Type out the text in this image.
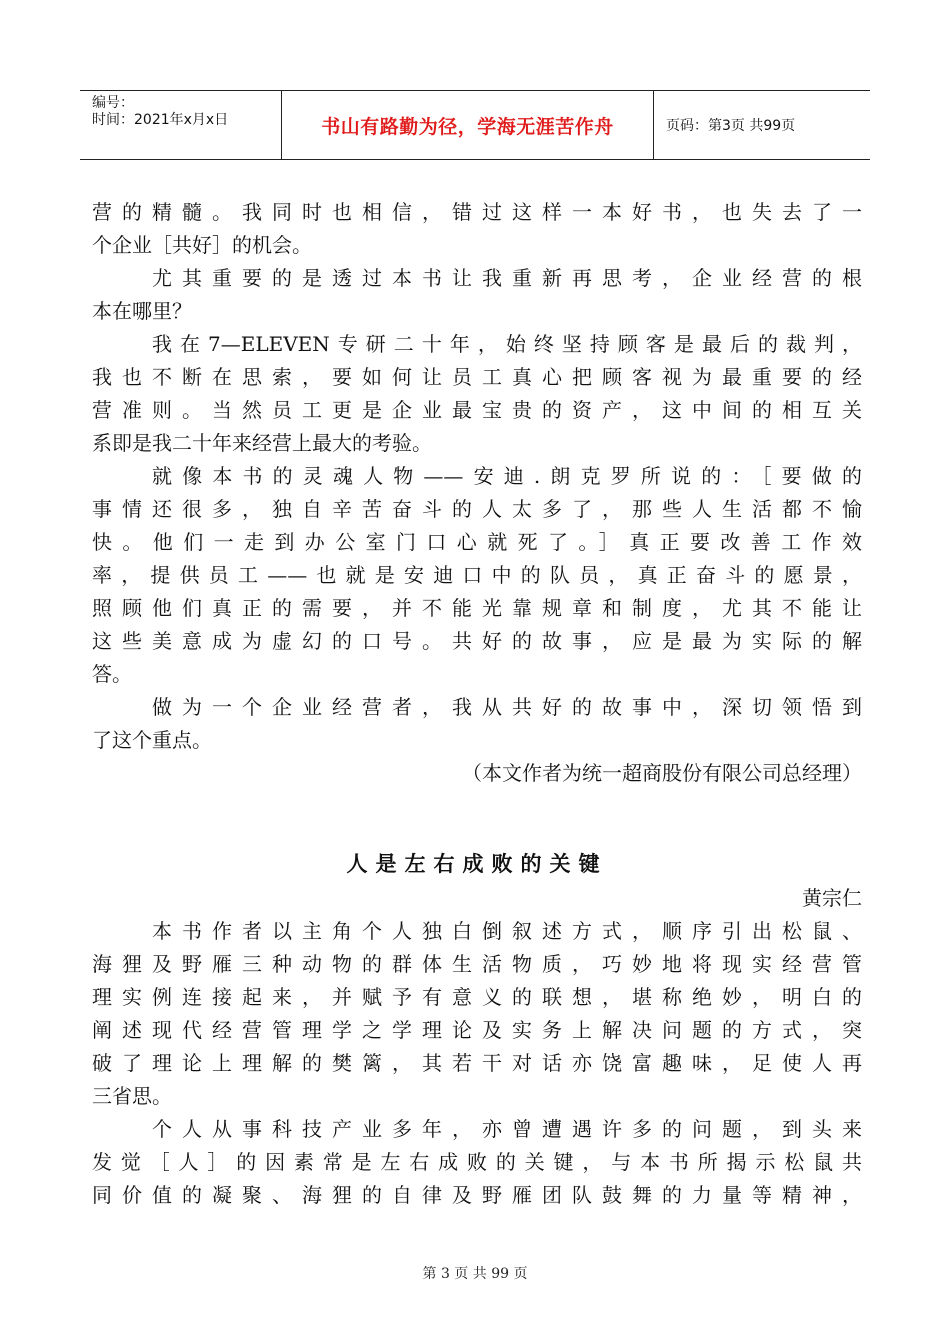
编号：
时间：2021年x月x日	书山有路勤为径，学海无涯苦作舟	页码：第3页 共99页
营的精髓。我同时也相信，错过这样一本好书，也失去了一
个企业［共好］的机会。
尤其重要的是透过本书让我重新再思考，企业经营的根
本在哪里？
我在7—ELEVEN专研二十年，始终坚持顾客是最后的裁判，
我也不断在思索，要如何让员工真心把顾客视为最重要的经
营准则。当然员工更是企业最宝贵的资产，这中间的相互关
系即是我二十年来经营上最大的考验。
就像本书的灵魂人物——安迪.朗克罗所说的：［要做的
事情还很多，独自辛苦奋斗的人太多了，那些人生活都不愉
快。他们一走到办公室门口心就死了。］真正要改善工作效
率，提供员工——也就是安迪口中的队员，真正奋斗的愿景，
照顾他们真正的需要，并不能光靠规章和制度，尤其不能让
这些美意成为虚幻的口号。共好的故事，应是最为实际的解
答。
做为一个企业经营者，我从共好的故事中，深切领悟到
了这个重点。
（本文作者为统一超商股份有限公司总经理）
人是左右成败的关键
黄宗仁
本书作者以主角个人独白倒叙述方式，顺序引出松鼠、
海狸及野雁三种动物的群体生活物质，巧妙地将现实经营管
理实例连接起来，并赋予有意义的联想，堪称绝妙，明白的
阐述现代经营管理学之学理论及实务上解决问题的方式，突
破了理论上理解的樊篱，其若干对话亦饶富趣味，足使人再
三省思。
个人从事科技产业多年，亦曾遭遇许多的问题，到头来
发觉［人］的因素常是左右成败的关键，与本书所揭示松鼠共
同价值的凝聚、海狸的自律及野雁团队鼓舞的力量等精神，
第 3 页 共 99 页
